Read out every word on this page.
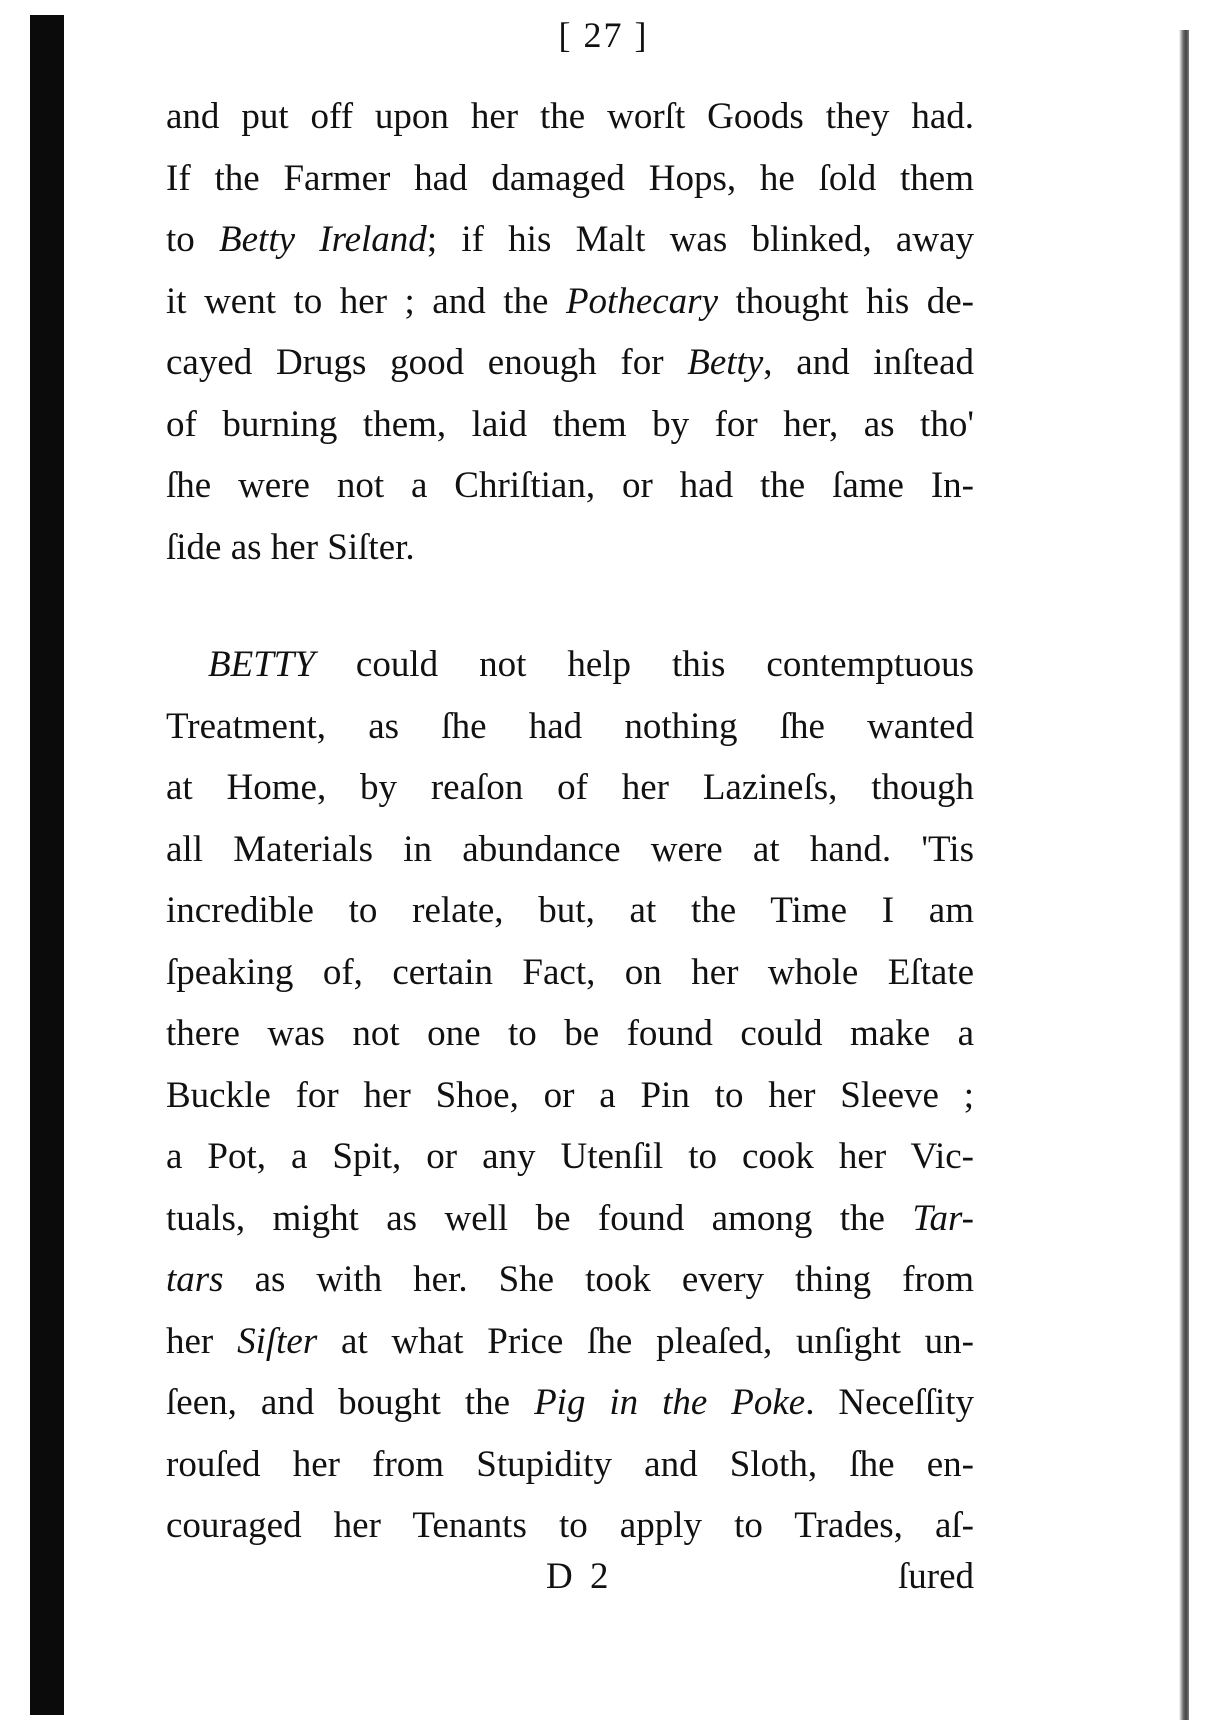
[ 27 ]
and put off upon her the worſt Goods they had.
If the Farmer had damaged Hops, he ſold them
to Betty Ireland; if his Malt was blinked, away
it went to her ; and the Pothecary thought his de-
cayed Drugs good enough for Betty, and inſtead
of burning them, laid them by for her, as tho'
ſhe were not a Chriſtian, or had the ſame In-
ſide as her Siſter.
BETTY could not help this contemptuous
Treatment, as ſhe had nothing ſhe wanted
at Home, by reaſon of her Lazineſs, though
all Materials in abundance were at hand. 'Tis
incredible to relate, but, at the Time I am
ſpeaking of, certain Fact, on her whole Eſtate
there was not one to be found could make a
Buckle for her Shoe, or a Pin to her Sleeve ;
a Pot, a Spit, or any Utenſil to cook her Vic-
tuals, might as well be found among the Tar-
tars as with her. She took every thing from
her Siſter at what Price ſhe pleaſed, unſight un-
ſeen, and bought the Pig in the Poke. Neceſſity
rouſed her from Stupidity and Sloth, ſhe en-
couraged her Tenants to apply to Trades, aſ-
D 2	ſured
